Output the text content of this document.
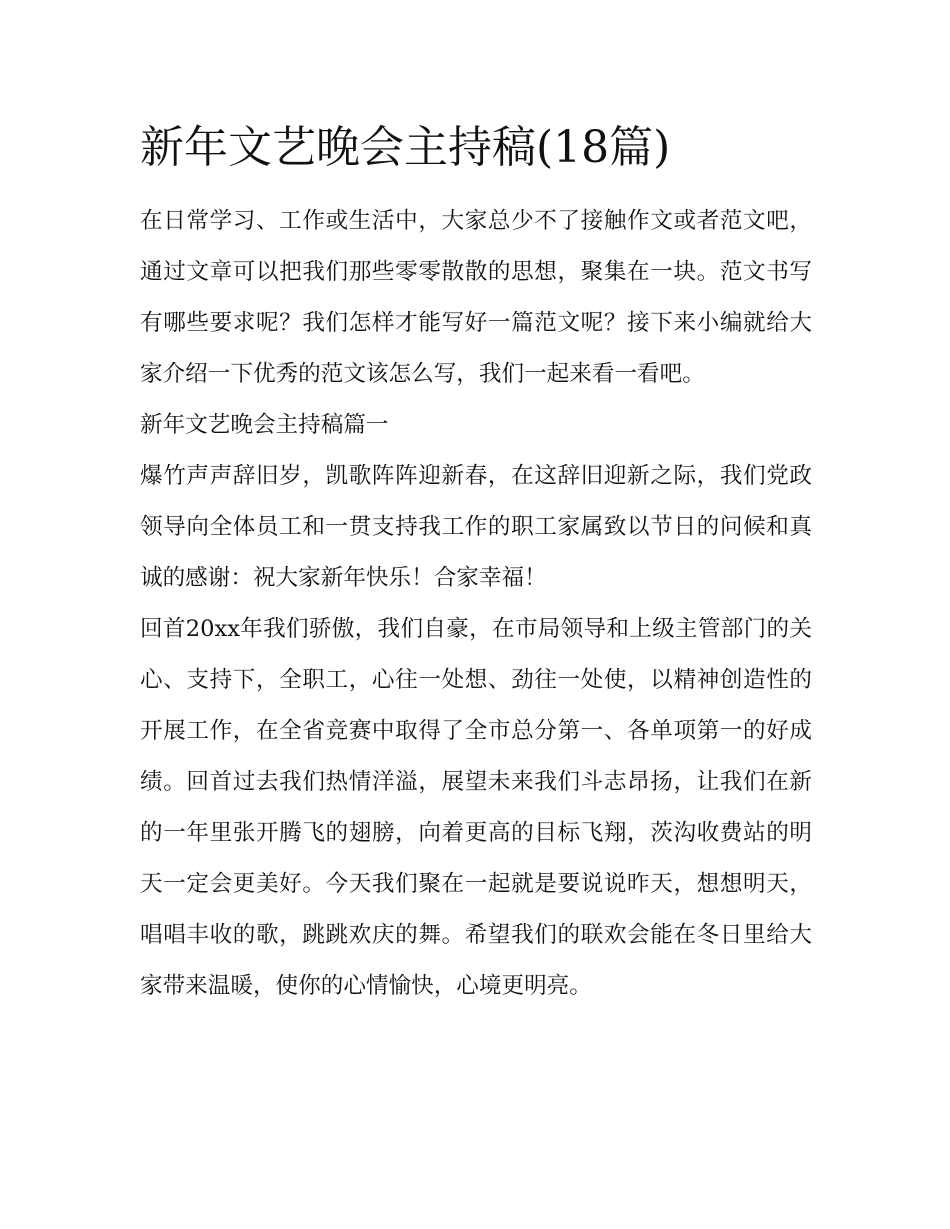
新年文艺晚会主持稿(18篇)

在日常学习、工作或生活中，大家总少不了接触作文或者范文吧，通过文章可以把我们那些零零散散的思想，聚集在一块。范文书写有哪些要求呢？我们怎样才能写好一篇范文呢？接下来小编就给大家介绍一下优秀的范文该怎么写，我们一起来看一看吧。

新年文艺晚会主持稿篇一

爆竹声声辞旧岁，凯歌阵阵迎新春，在这辞旧迎新之际，我们党政领导向全体员工和一贯支持我工作的职工家属致以节日的问候和真诚的感谢：祝大家新年快乐！合家幸福！

回首20xx年我们骄傲，我们自豪，在市局领导和上级主管部门的关心、支持下，全职工，心往一处想、劲往一处使，以精神创造性的开展工作，在全省竞赛中取得了全市总分第一、各单项第一的好成绩。回首过去我们热情洋溢，展望未来我们斗志昂扬，让我们在新的一年里张开腾飞的翅膀，向着更高的目标飞翔，茨沟收费站的明天一定会更美好。今天我们聚在一起就是要说说昨天，想想明天，唱唱丰收的歌，跳跳欢庆的舞。希望我们的联欢会能在冬日里给大家带来温暖，使你的心情愉快，心境更明亮。
